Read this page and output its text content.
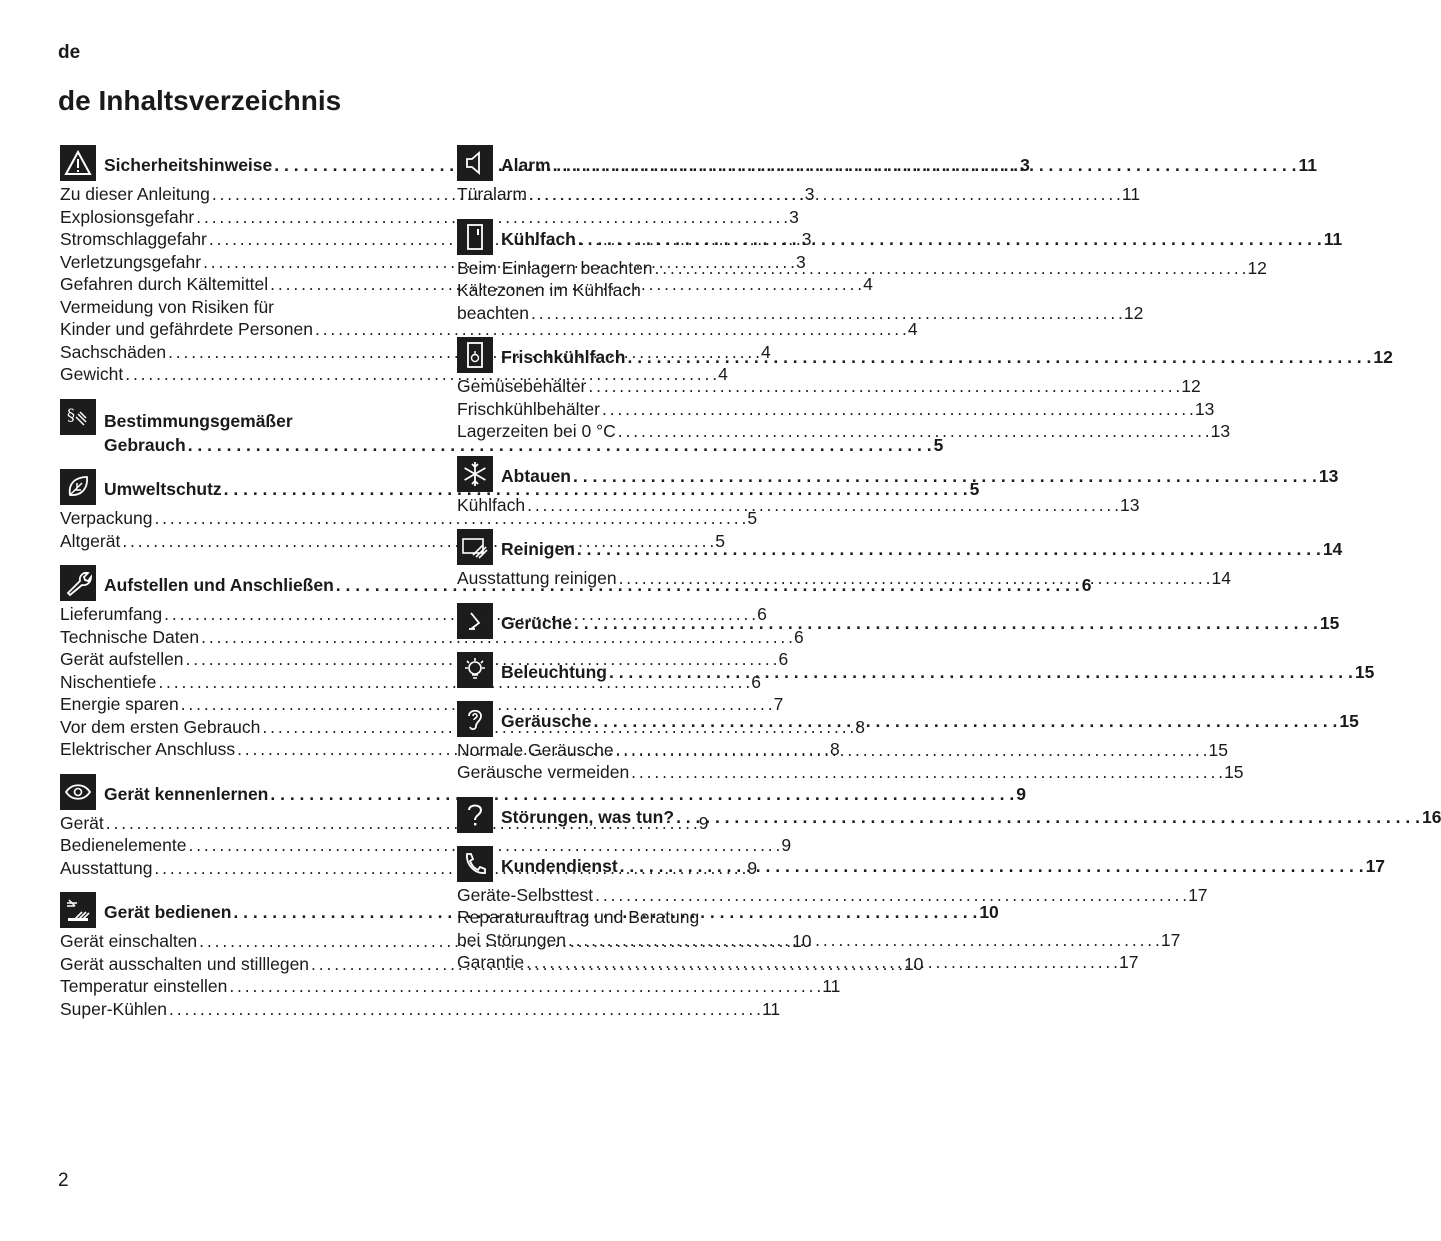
de
de Inhaltsverzeichnis
Sicherheitshinweise . . .	3
Zu dieser Anleitung . . .	3
Explosionsgefahr . . .	3
Stromschlaggefahr . . .	3
Verletzungsgefahr . . .	3
Gefahren durch Kältemittel . . .	4
Vermeidung von Risiken für
Kinder und gefährdete Personen . . .	4
Sachschäden . . .	4
Gewicht . . .	4
§ Bestimmungsgemäßer
Gebrauch . . .	5
Umweltschutz . . .	5
Verpackung . . .	5
Altgerät . . .	5
Aufstellen und Anschließen . . .	6
Lieferumfang . . .	6
Technische Daten . . .	6
Gerät aufstellen . . .	6
Nischentiefe . . .	6
Energie sparen . . .	7
Vor dem ersten Gebrauch . . .	8
Elektrischer Anschluss . . .	8
Gerät kennenlernen . . .	9
Gerät . . .	9
Bedienelemente . . .	9
Ausstattung . . .	9
Gerät bedienen . . .	10
Gerät einschalten . . .	10
Gerät ausschalten und stilllegen . . .	10
Temperatur einstellen . . .	11
Super-Kühlen . . .	11
Alarm . . .	11
Türalarm . . .	11
Kühlfach . . .	11
Beim Einlagern beachten . . .	12
Kältezonen im Kühlfach
beachten . . .	12
Frischkühlfach . . .	12
Gemüsebehälter . . .	12
Frischkühlbehälter . . .	13
Lagerzeiten bei 0 °C . . .	13
Abtauen . . .	13
Kühlfach . . .	13
Reinigen . . .	14
Ausstattung reinigen . . .	14
Gerüche . . .	15
Beleuchtung . . .	15
Geräusche . . .	15
Normale Geräusche . . .	15
Geräusche vermeiden . . .	15
Störungen, was tun? . . .	16
Kundendienst . . .	17
Geräte-Selbsttest . . .	17
Reparaturauftrag und Beratung
bei Störungen . . .	17
Garantie . . .	17
2
